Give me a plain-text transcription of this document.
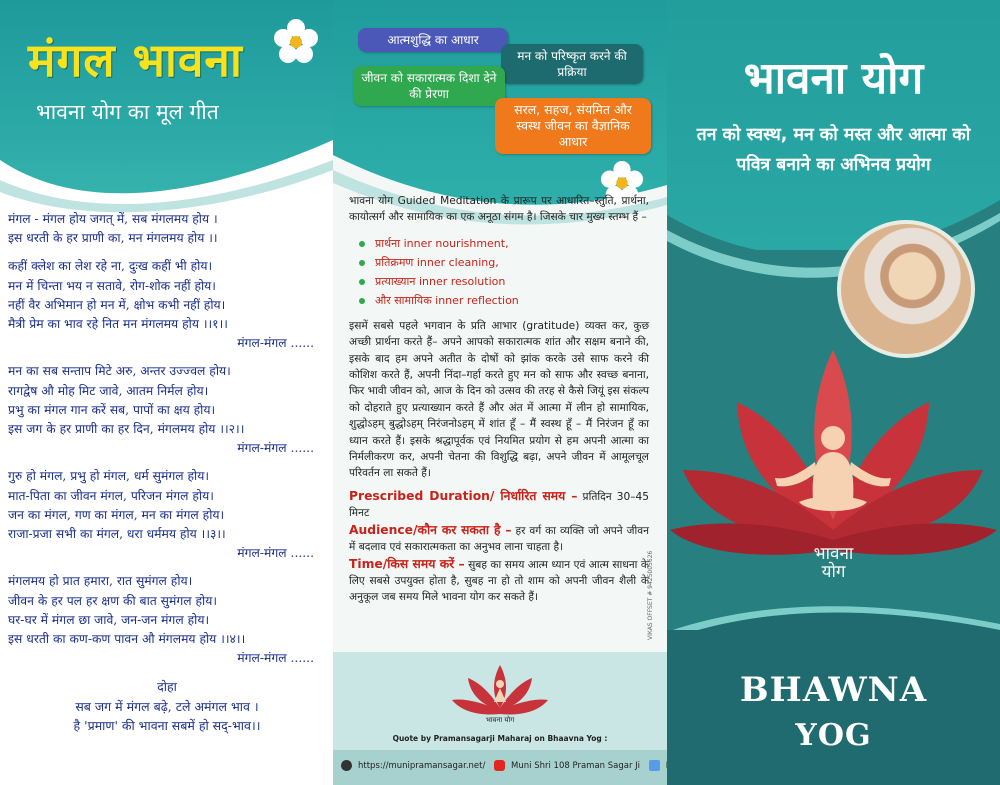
मंगल भावना
भावना योग का मूल गीत
मंगल - मंगल होय जगत् में, सब मंगलमय होय ।
इस धरती के हर प्राणी का, मन मंगलमय होय ।।
कहीं क्लेश का लेश रहे ना, दुःख कहीं भी होय।
मन में चिन्ता भय न सतावे, रोग-शोक नहीं होय।
नहीं वैर अभिमान हो मन में, क्षोभ कभी नहीं होय।
मैत्री प्रेम का भाव रहे नित मन मंगलमय होय ।।१।।
मंगल-मंगल ......
मन का सब सन्ताप मिटे अरु, अन्तर उज्ज्वल होय।
रागद्वेष औ मोह मिट जावे, आतम निर्मल होय।
प्रभु का मंगल गान करें सब, पापों का क्षय होय।
इस जग के हर प्राणी का हर दिन, मंगलमय होय ।।२।।
मंगल-मंगल ......
गुरु हो मंगल, प्रभु हो मंगल, धर्म सुमंगल होय।
मात-पिता का जीवन मंगल, परिजन मंगल होय।
जन का मंगल, गण का मंगल, मन का मंगल होय।
राजा-प्रजा सभी का मंगल, धरा धर्ममय होय ।।३।।
मंगल-मंगल ......
मंगलमय हो प्रात हमारा, रात सुमंगल होय।
जीवन के हर पल हर क्षण की बात सुमंगल होय।
घर-घर में मंगल छा जावे, जन-जन मंगल होय।
इस धरती का कण-कण पावन औ मंगलमय होय ।।४।।
मंगल-मंगल ......
दोहा
सब जग में मंगल बढ़े, टले अमंगल भाव ।
है 'प्रमाण' की भावना सबमें हो सद्-भाव।।
आत्मशुद्धि का आधार
मन को परिष्कृत करने की प्रक्रिया
जीवन को सकारात्मक दिशा देने की प्रेरणा
सरल, सहज, संयमित और स्वस्थ जीवन का वैज्ञानिक आधार

भावना योग Guided Meditation के प्रारूप पर आधारित–स्तुति, प्रार्थना, कायोत्सर्ग और सामायिक का एक अनूठा संगम है। जिसके चार मुख्य स्तम्भ हैं –

प्रार्थना inner nourishment,
प्रतिक्रमण inner cleaning,
प्रत्याख्यान inner resolution
और सामायिक inner reflection

इसमें सबसे पहले भगवान के प्रति आभार (gratitude) व्यक्त कर, कुछ अच्छी प्रार्थना करते हैं– अपने आपको सकारात्मक शांत और सक्षम बनाने की, इसके बाद हम अपने अतीत के दोषों को झांक करके उसे साफ करने की कोशिश करते हैं, अपनी निंदा–गर्हा करते हुए मन को साफ और स्वच्छ बनाना, फिर भावी जीवन को, आज के दिन को उत्सव की तरह से कैसे जियूं इस संकल्प को दोहराते हुए प्रत्याख्यान करते हैं और अंत में आत्मा में लीन हो सामायिक, शुद्धोऽहम् बुद्धोऽहम् निरंजनोऽहम् में शांत हूँ – मैं स्वस्थ हूँ – मैं निरंजन हूँ का ध्यान करते हैं। इसके श्रद्धापूर्वक एवं नियमित प्रयोग से हम अपनी आत्मा का निर्मलीकरण कर, अपनी चेतना की विशुद्धि बढ़ा, अपने जीवन में आमूलचूल परिवर्तन ला सकते हैं।

Prescribed Duration/ निर्धारित समय – प्रतिदिन 30–45 मिनट

Audience/कौन कर सकता है – हर वर्ग का व्यक्ति जो अपने जीवन में बदलाव एवं सकारात्मकता का अनुभव लाना चाहता है।

Time/किस समय करें – सुबह का समय आत्म ध्यान एवं आत्म साधना के लिए सबसे उपयुक्त होता है, सुबह ना हो तो शाम को अपनी जीवन शैली के अनुकूल जब समय मिले भावना योग कर सकते हैं।

भावना योग
Quote by Pramansagarji Maharaj on Bhaavna Yog :
https://munipramansagar.net/	Muni Shri 108 Praman Sagar Ji
VIKAS OFFSET # 9425005626
भावना योग
तन को स्वस्थ, मन को मस्त और आत्मा को पवित्र बनाने का अभिनव प्रयोग
भावना
योग
BHAWNA
YOG
